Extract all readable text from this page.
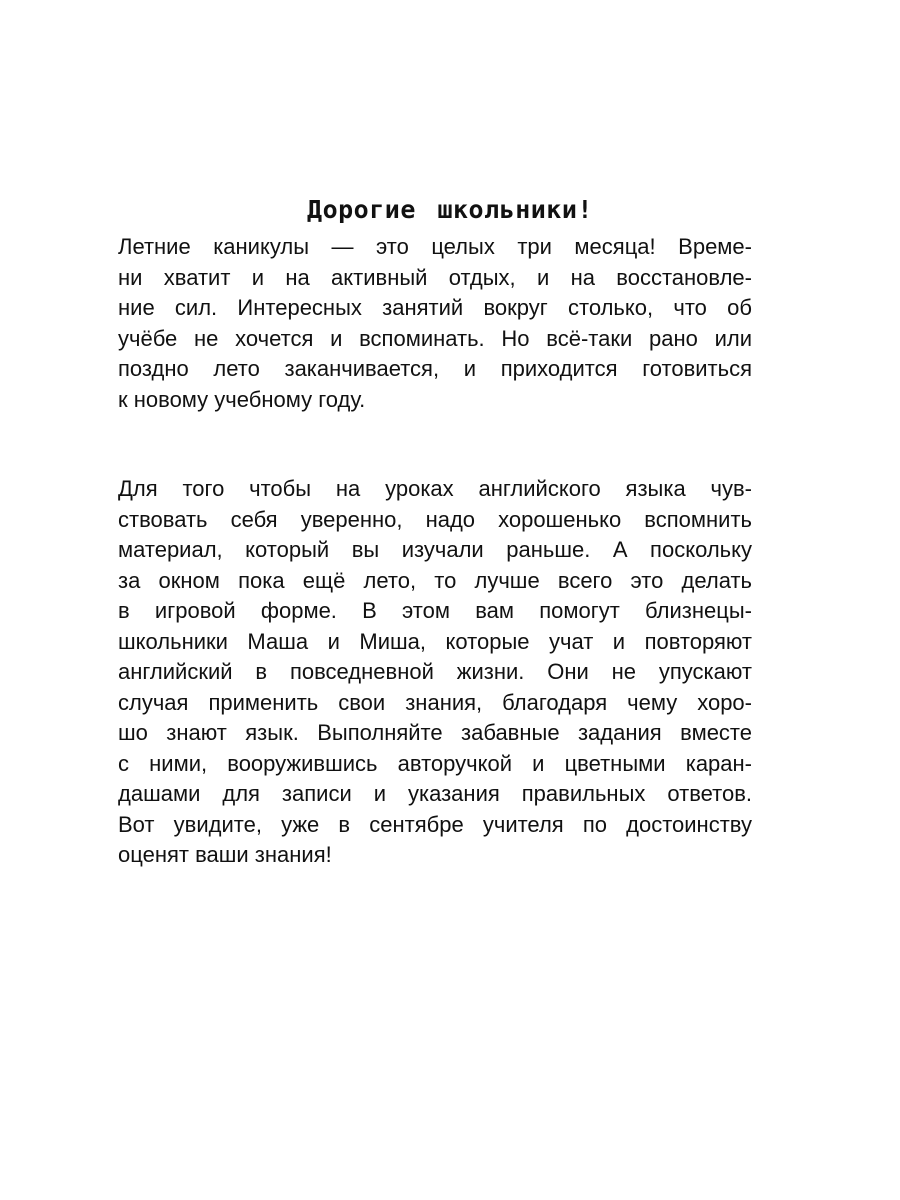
Дорогие школьники!

Летние каникулы — это целых три месяца! Време-
ни хватит и на активный отдых, и на восстановле-
ние сил. Интересных занятий вокруг столько, что об
учёбе не хочется и вспоминать. Но всё-таки рано или
поздно лето заканчивается, и приходится готовиться
к новому учебному году.

Для того чтобы на уроках английского языка чув-
ствовать себя уверенно, надо хорошенько вспомнить
материал, который вы изучали раньше. А поскольку
за окном пока ещё лето, то лучше всего это делать
в игровой форме. В этом вам помогут близнецы-
школьники Маша и Миша, которые учат и повторяют
английский в повседневной жизни. Они не упускают
случая применить свои знания, благодаря чему хоро-
шо знают язык. Выполняйте забавные задания вместе
с ними, вооружившись авторучкой и цветными каран-
дашами для записи и указания правильных ответов.
Вот увидите, уже в сентябре учителя по достоинству
оценят ваши знания!
